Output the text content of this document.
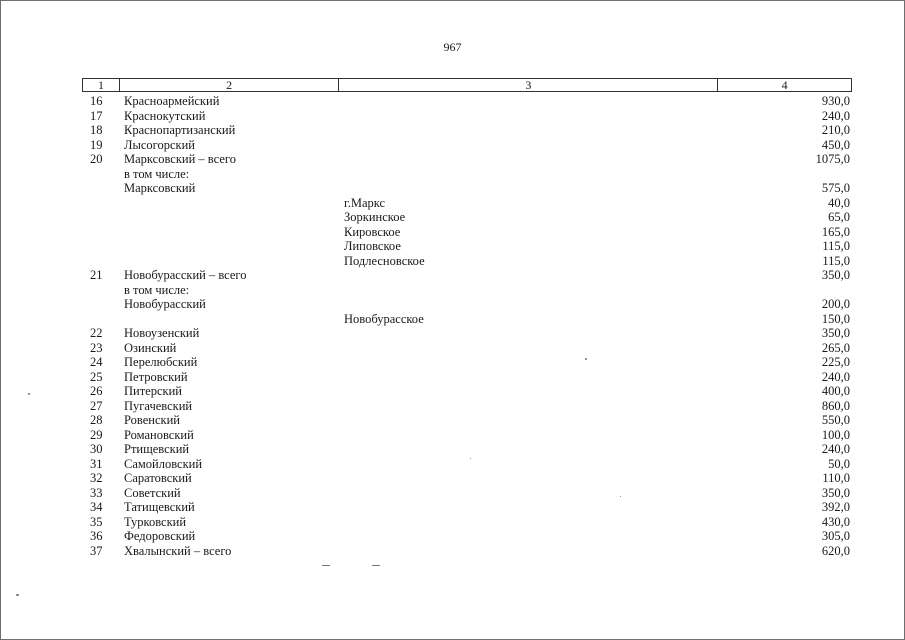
967
1	2	3	4
16	Красноармейский	930,0
17	Краснокутский	240,0
18	Краснопартизанский	210,0
19	Лысогорский	450,0
20	Марксовский – всего	1075,0
в том числе:
Марксовский	575,0
г.Маркс	40,0
Зоркинское	65,0
Кировское	165,0
Липовское	115,0
Подлесновское	115,0
21	Новобурасский – всего	350,0
в том числе:
Новобурасский	200,0
Новобурасское	150,0
22	Новоузенский	350,0
23	Озинский	265,0
24	Перелюбский	225,0
25	Петровский	240,0
26	Питерский	400,0
27	Пугачевский	860,0
28	Ровенский	550,0
29	Романовский	100,0
30	Ртищевский	240,0
31	Самойловский	50,0
32	Саратовский	110,0
33	Советский	350,0
34	Татищевский	392,0
35	Турковский	430,0
36	Федоровский	305,0
37	Хвалынский – всего	620,0
